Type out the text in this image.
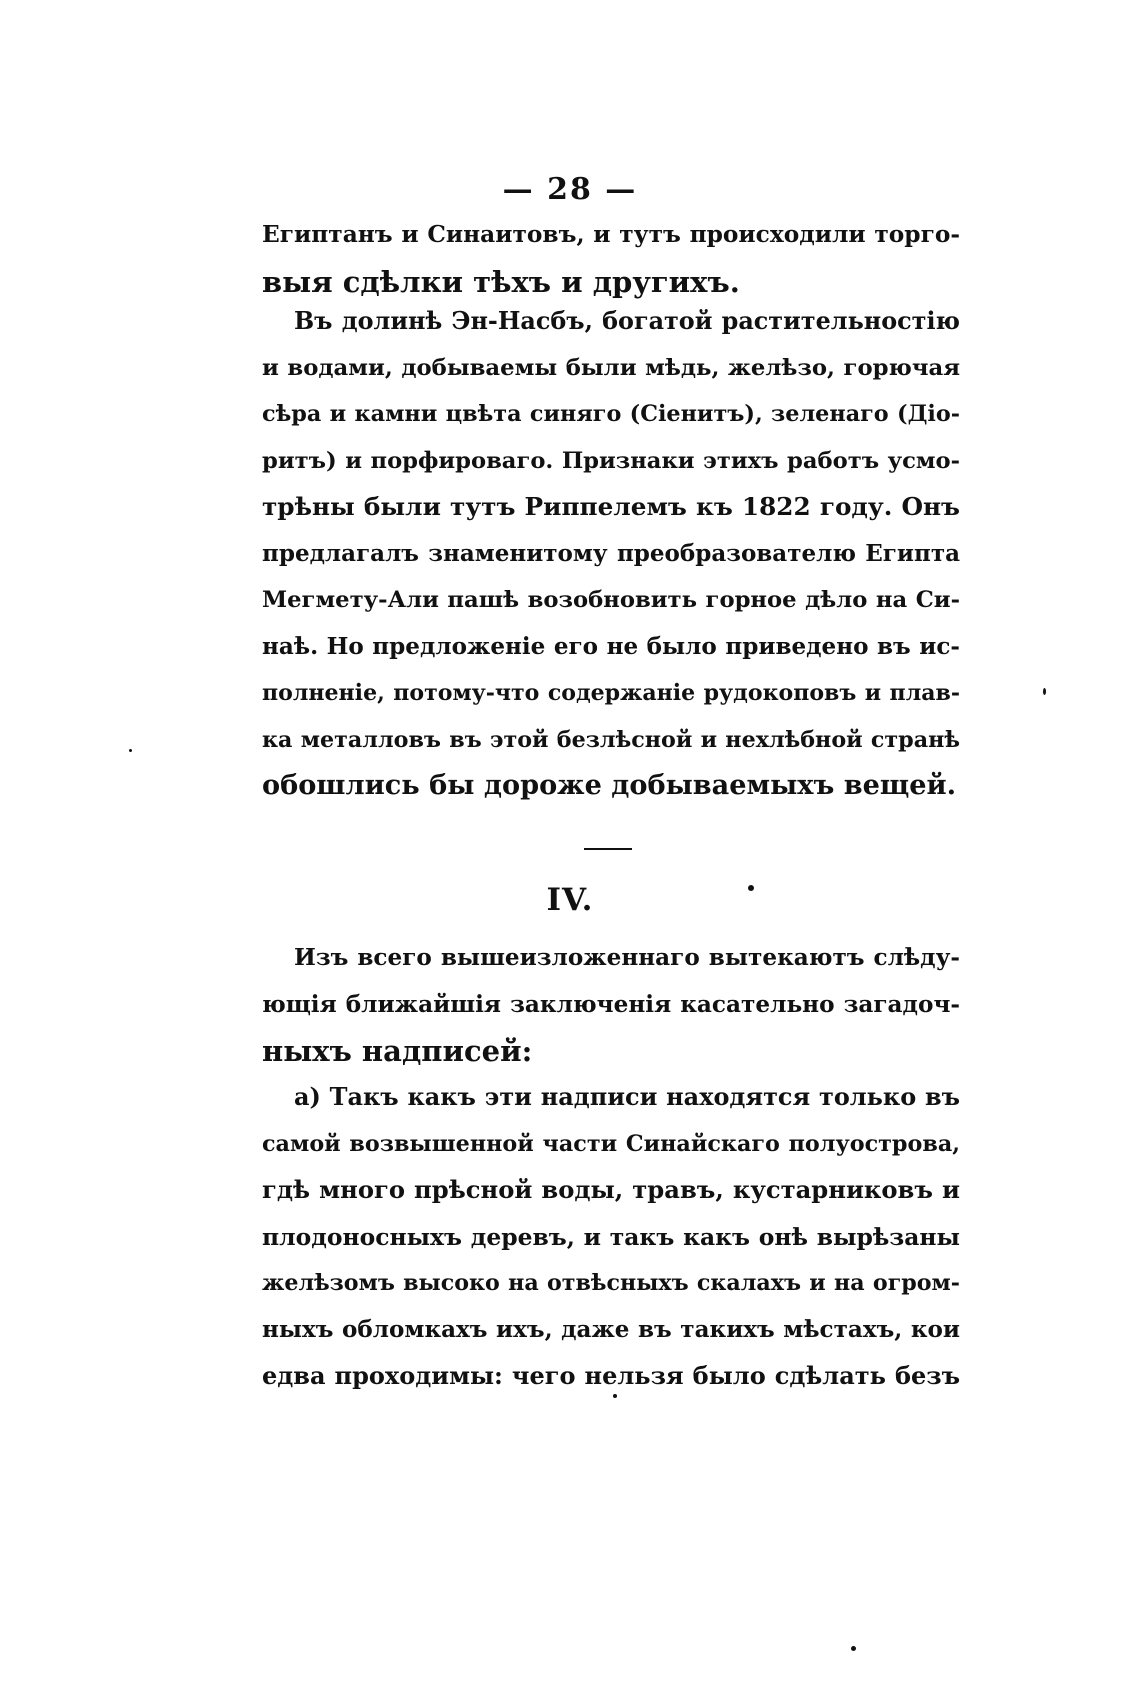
— 28 —
Египтанъ и Синаитовъ, и тутъ происходили торго-
выя сдѣлки тѣхъ и другихъ.
Въ долинѣ Эн-Насбъ, богатой растительностію
и водами, добываемы были мѣдь, желѣзо, горючая
сѣра и камни цвѣта синяго (Сіенитъ), зеленаго (Діо-
ритъ) и порфироваго. Признаки этихъ работъ усмо-
трѣны были тутъ Риппелемъ къ 1822 году. Онъ
предлагалъ знаменитому преобразователю Египта
Мегмету-Али пашѣ возобновить горное дѣло на Си-
наѣ. Но предложеніе его не было приведено въ ис-
полненіе, потому-что содержаніе рудокоповъ и плав-
ка металловъ въ этой безлѣсной и нехлѣбной странѣ
обошлись бы дороже добываемыхъ вещей.
IV.
Изъ всего вышеизложеннаго вытекаютъ слѣду-
ющія ближайшія заключенія касательно загадоч-
ныхъ надписей:
а) Такъ какъ эти надписи находятся только въ
самой возвышенной части Синайскаго полуострова,
гдѣ много прѣсной воды, травъ, кустарниковъ и
плодоносныхъ деревъ, и такъ какъ онѣ вырѣзаны
желѣзомъ высоко на отвѣсныхъ скалахъ и на огром-
ныхъ обломкахъ ихъ, даже въ такихъ мѣстахъ, кои
едва проходимы: чего нельзя было сдѣлать безъ
